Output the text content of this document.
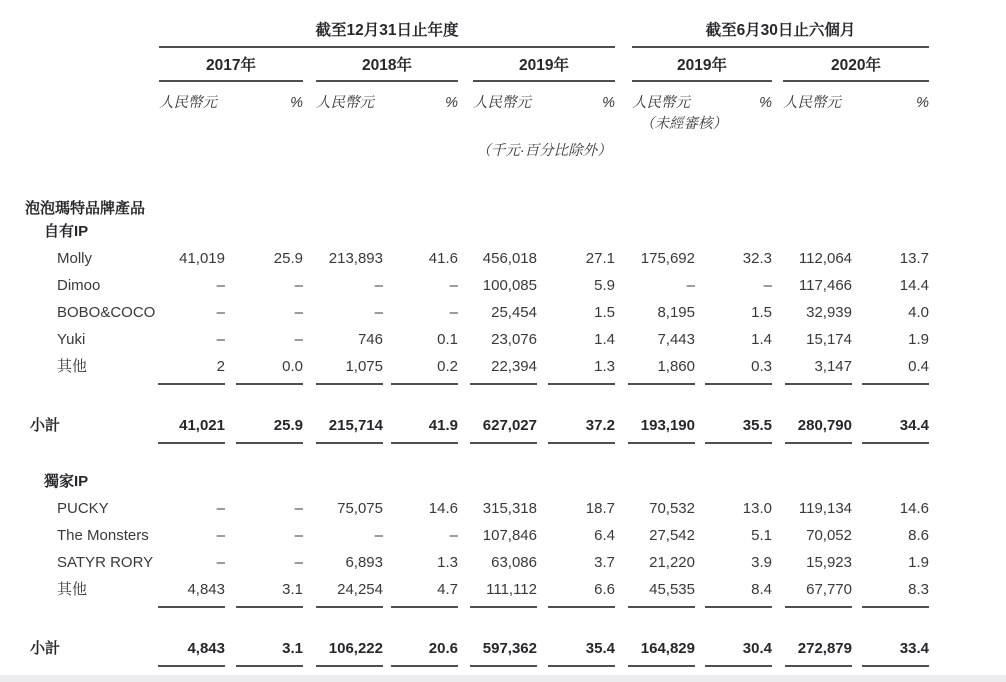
截至12月31日止年度	截至6月30日止六個月
2017年	2018年	2019年	2019年	2020年
人民幣元	% 人民幣元	%	人民幣元	%	人民幣元	% 人民幣元	%
（未經審核）
（千元·百分比除外）
泡泡瑪特品牌產品
自有IP
Molly	41,019	25.9	213,893	41.6	456,018	27.1	175,692	32.3	112,064	13.7
Dimoo	–	–	–	–	100,085	5.9	–	–	117,466	14.4
BOBO&COCO	–	–	–	–	25,454	1.5	8,195	1.5	32,939	4.0
Yuki	–	–	746	0.1	23,076	1.4	7,443	1.4	15,174	1.9
其他	2	0.0	1,075	0.2	22,394	1.3	1,860	0.3	3,147	0.4
小計	41,021	25.9	215,714	41.9	627,027	37.2	193,190	35.5	280,790	34.4
獨家IP
PUCKY	–	–	75,075	14.6	315,318	18.7	70,532	13.0	119,134	14.6
The Monsters	–	–	–	–	107,846	6.4	27,542	5.1	70,052	8.6
SATYR RORY	–	–	6,893	1.3	63,086	3.7	21,220	3.9	15,923	1.9
其他	4,843	3.1	24,254	4.7	111,112	6.6	45,535	8.4	67,770	8.3
小計	4,843	3.1	106,222	20.6	597,362	35.4	164,829	30.4	272,879	33.4
